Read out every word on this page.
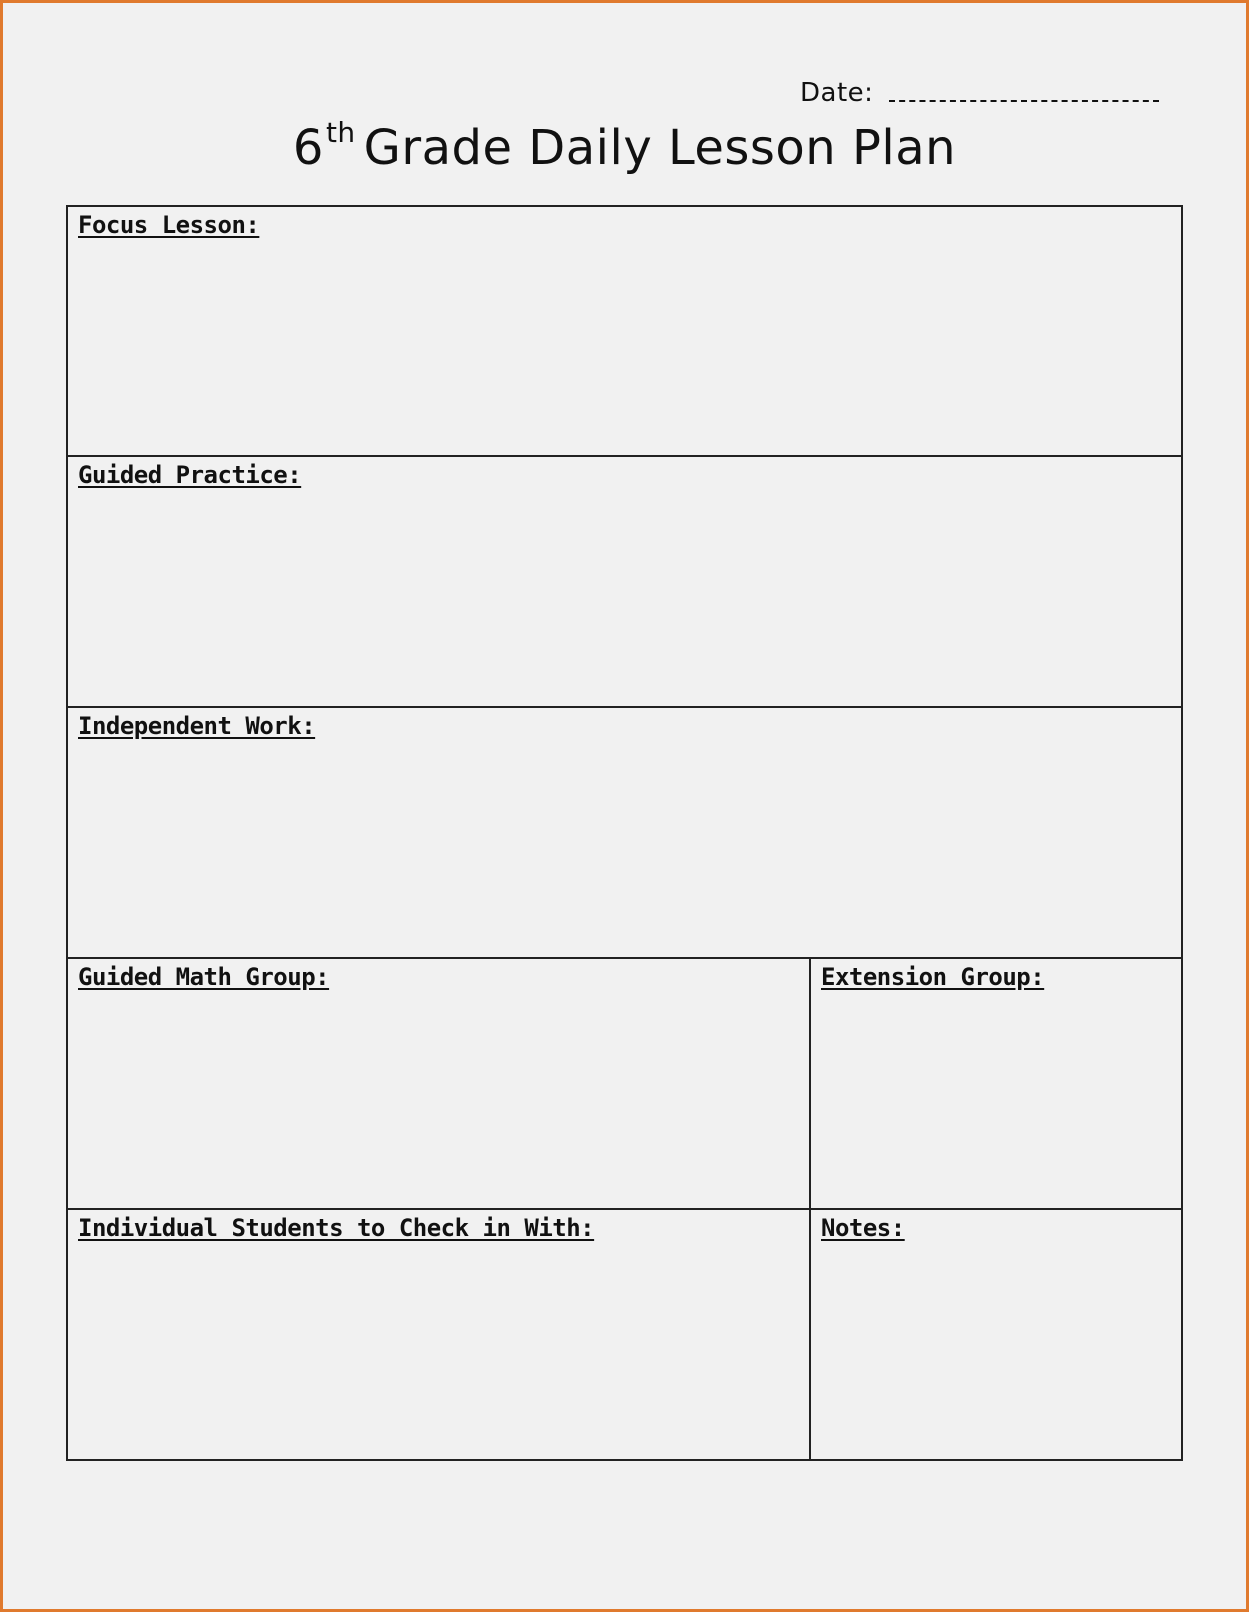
Date:
6th Grade Daily Lesson Plan
Focus Lesson:
Guided Practice:
Independent Work:
Guided Math Group:	Extension Group:
Individual Students to Check in With:	Notes:
